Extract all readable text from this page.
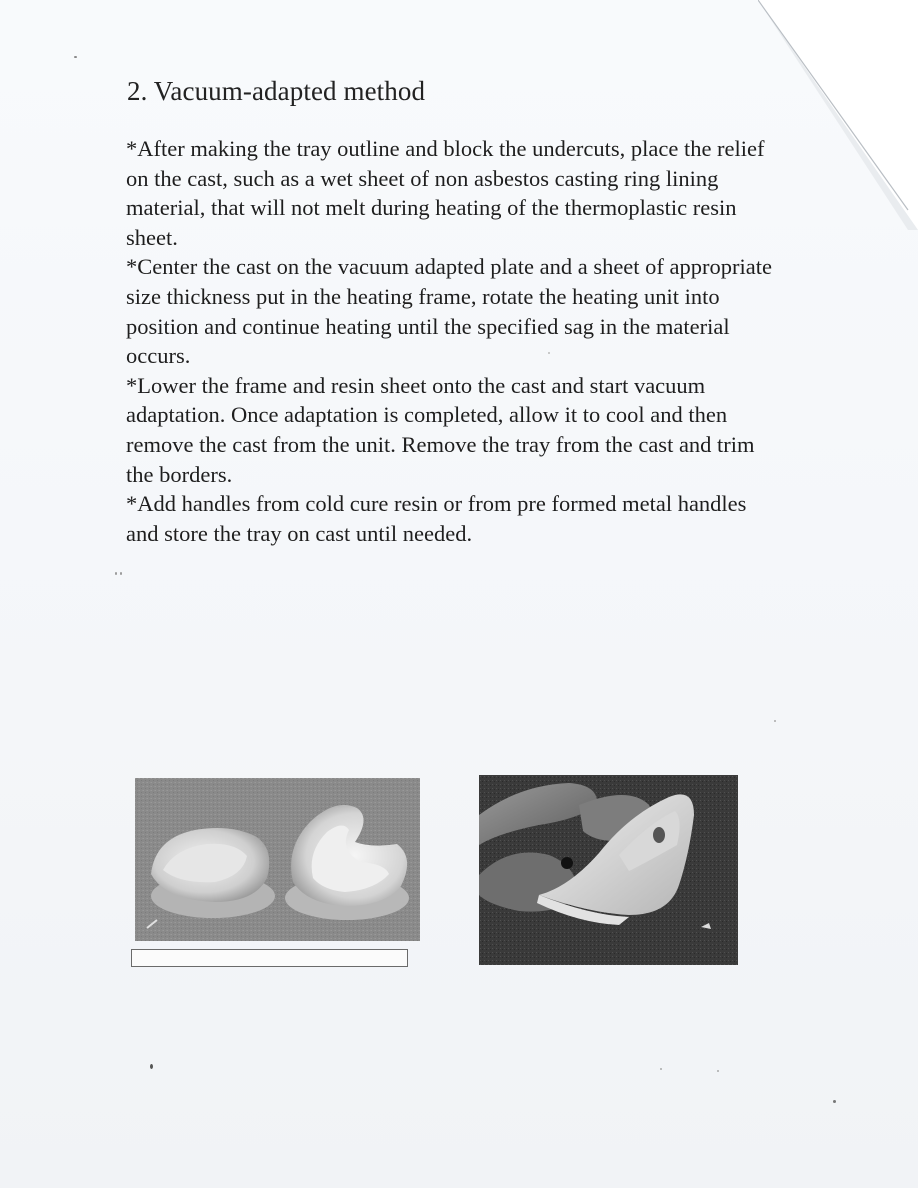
2. Vacuum-adapted method

*After making the tray outline and block the undercuts, place the relief on the cast, such as a wet sheet of non asbestos casting ring lining material, that will not melt during heating of the thermoplastic resin sheet.

*Center the cast on the vacuum adapted plate and a sheet of appropriate size thickness put in the heating frame, rotate the heating unit into position and continue heating until the specified sag in the material occurs.

*Lower the frame and resin sheet onto the cast and start vacuum adaptation. Once adaptation is completed, allow it to cool and then remove the cast from the unit. Remove the tray from the cast and trim the borders.

*Add handles from cold cure resin or from pre formed metal handles and store the tray on cast until needed.
